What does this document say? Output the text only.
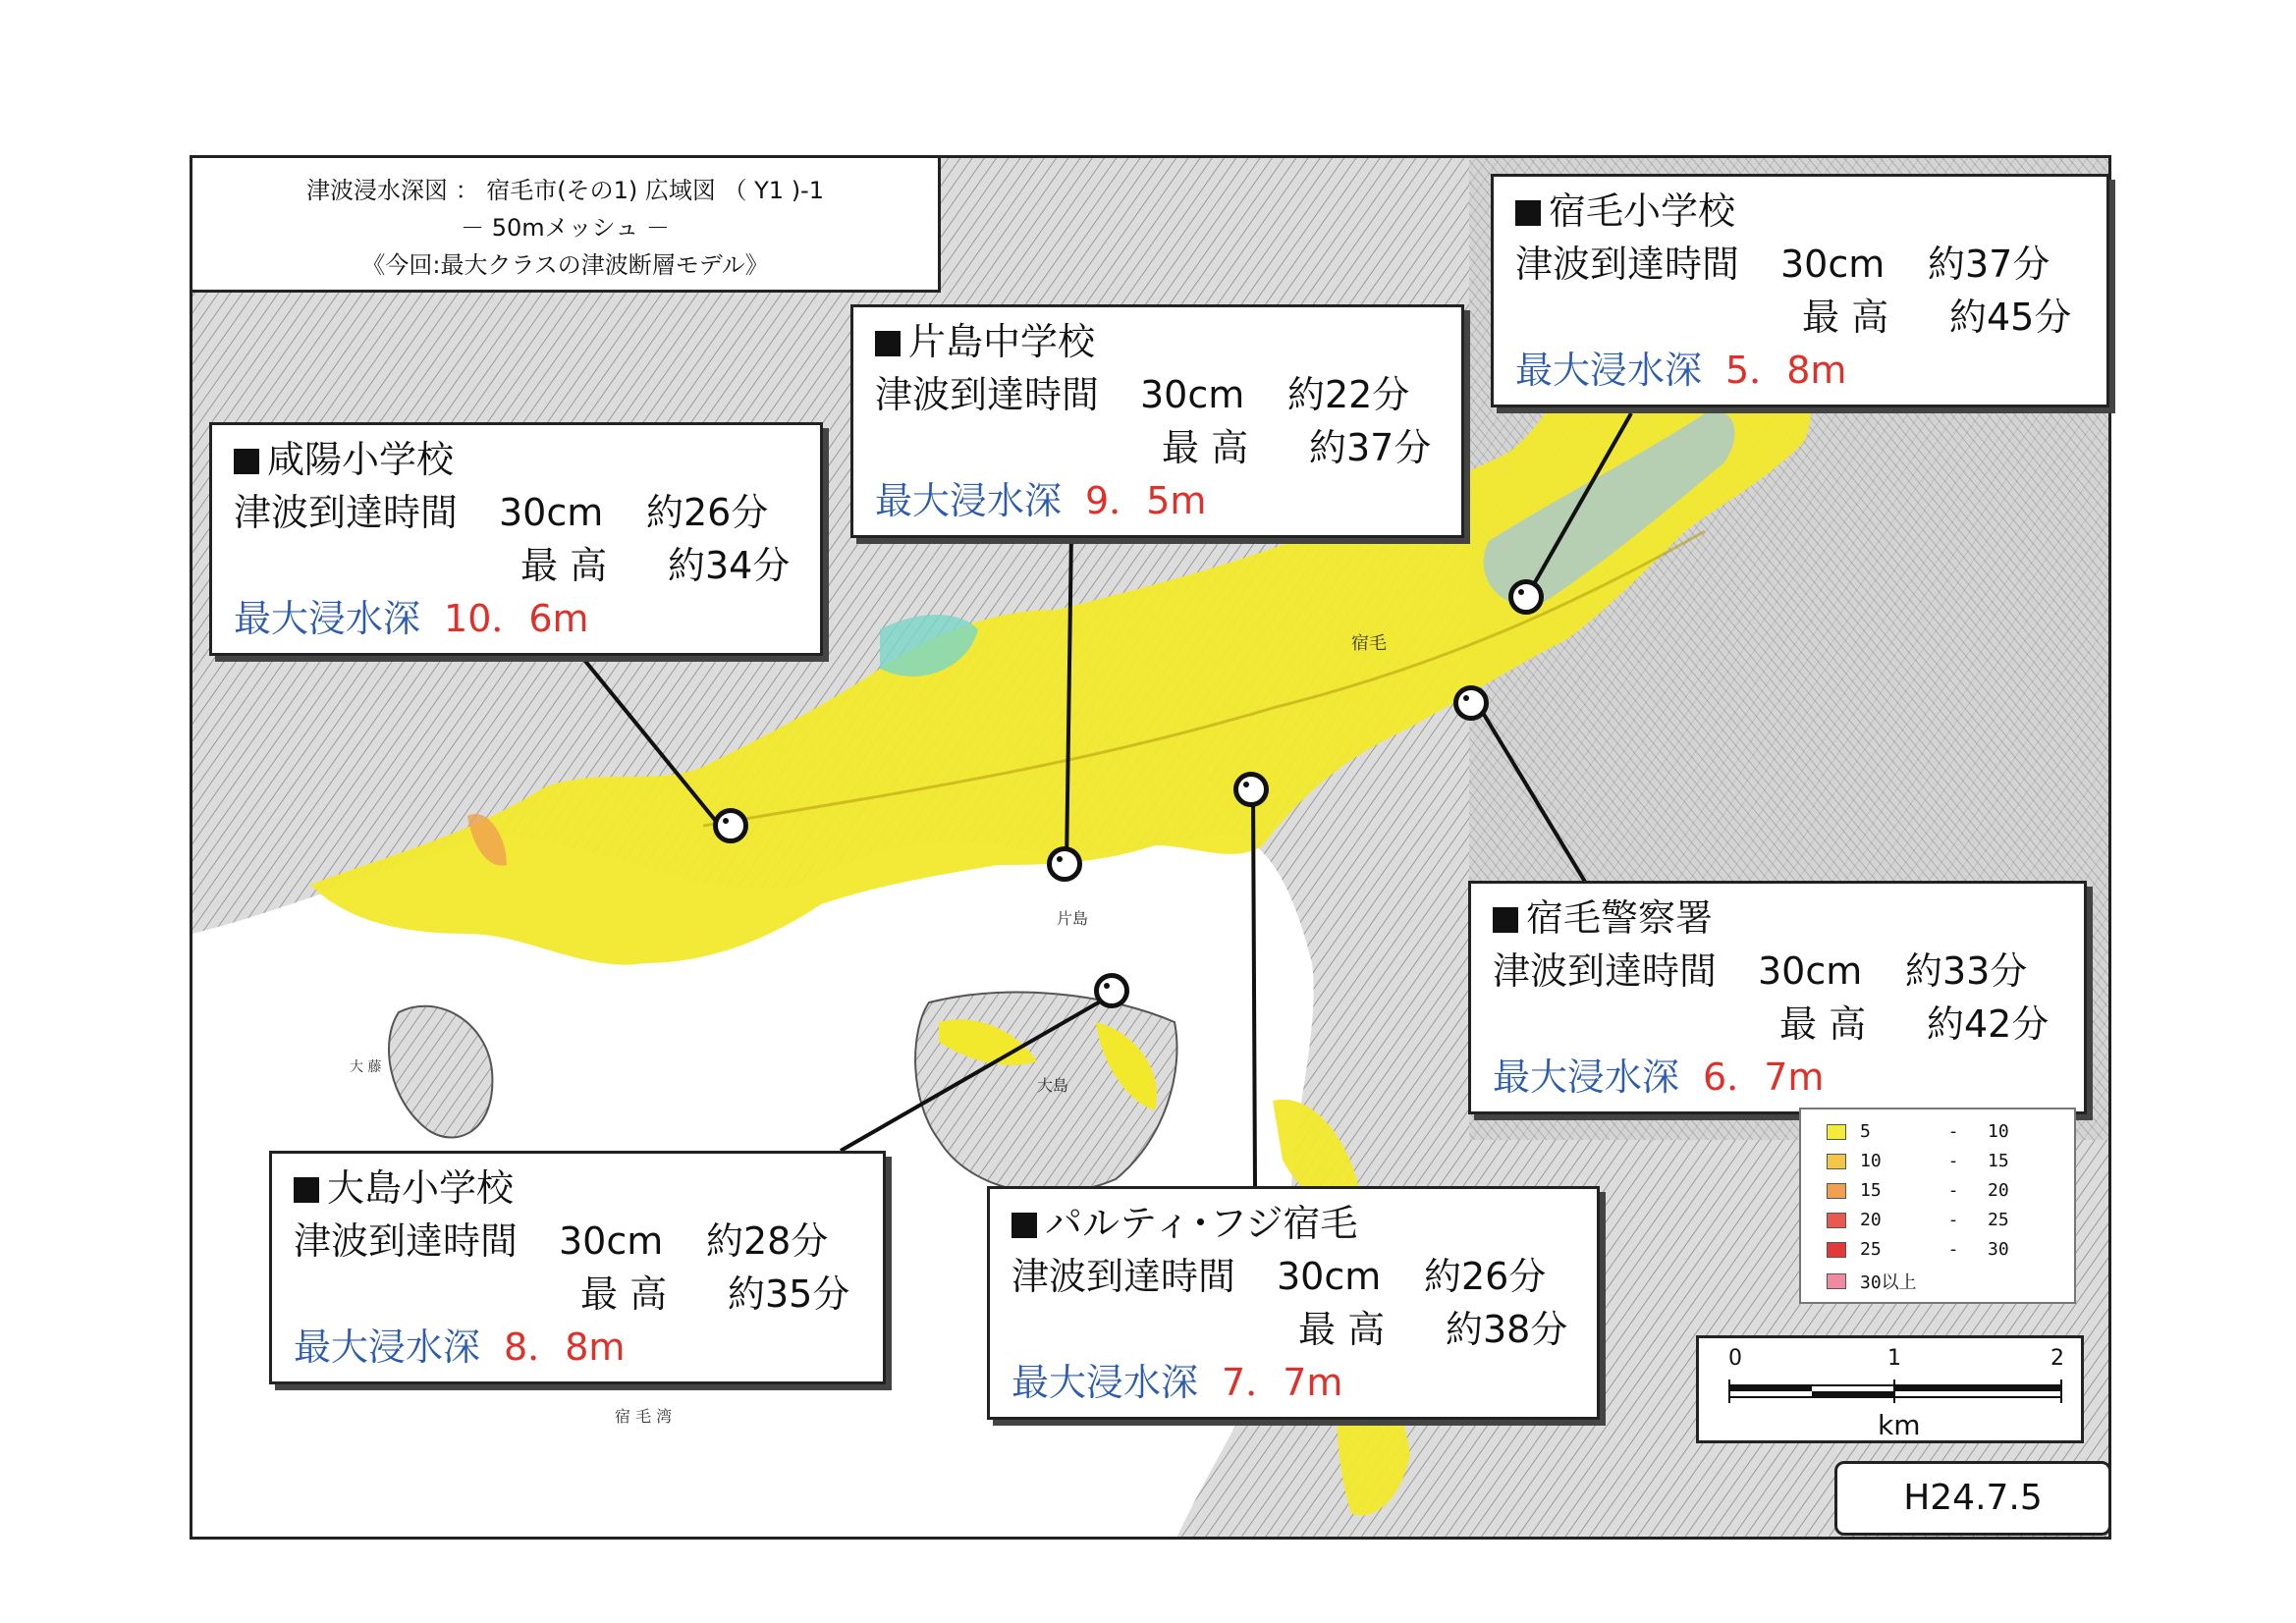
宿 毛 湾
大島
片島
宿毛
大 藤
津波浸水深図 ： 宿毛市(その1) 広域図 （ Y1 )-1
－ 50mメッシュ －
《今回:最大クラスの津波断層モデル》
咸陽小学校
津波到達時間	30cm	約26分
最 高	約34分
最大浸水深 10．6m
片島中学校
津波到達時間	30cm	約22分
最 高	約37分
最大浸水深 9．5m
宿毛小学校
津波到達時間	30cm	約37分
最 高	約45分
最大浸水深 5．8m
宿毛警察署
津波到達時間	30cm	約33分
最 高	約42分
最大浸水深 6．7m
大島小学校
津波到達時間	30cm	約28分
最 高	約35分
最大浸水深 8．8m
パルティ･フジ宿毛
津波到達時間	30cm	約26分
最 高	約38分
最大浸水深 7．7m
5	-	10
10	-	15
15	-	20
20	-	25
25	-	30
30以上
0	1	2
km
H24.7.5
